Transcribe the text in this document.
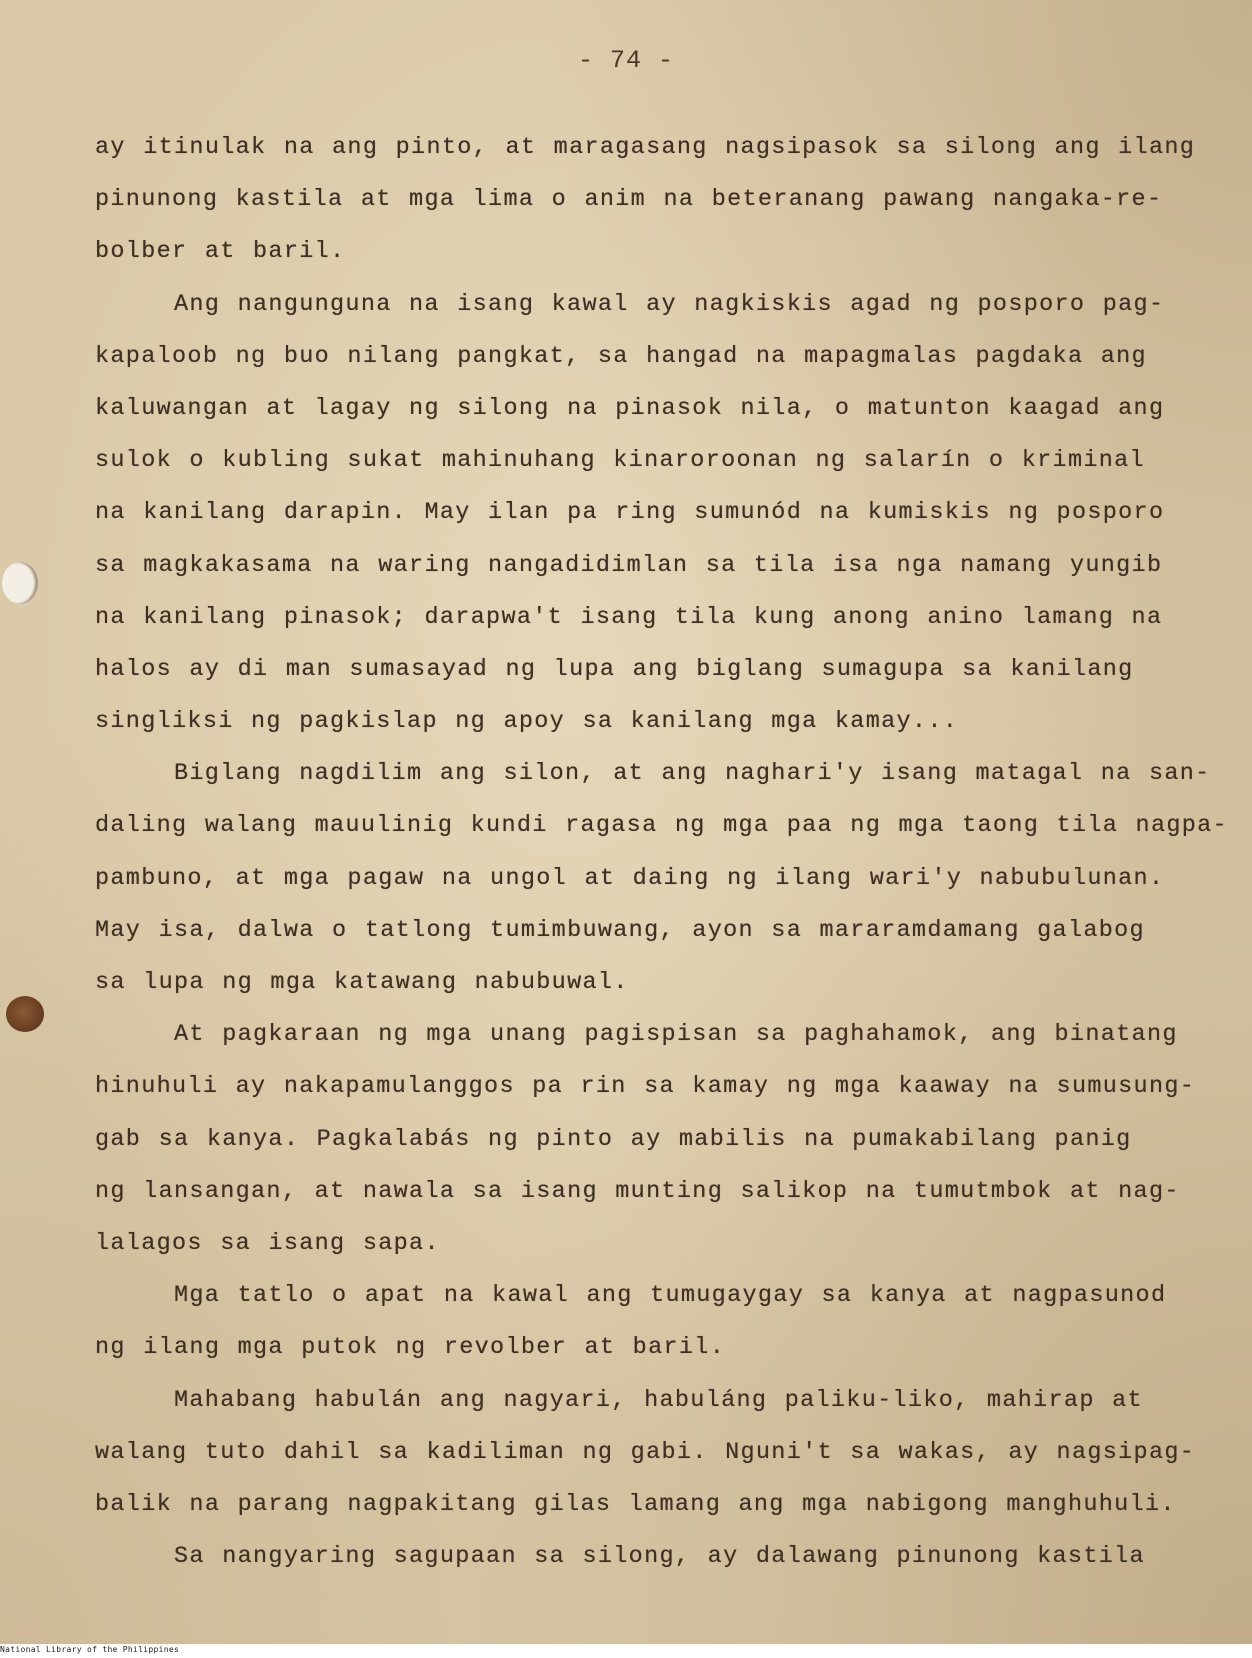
- 74 -
ay itinulak na ang pinto, at maragasang nagsipasok sa silong ang ilang
pinunong kastila at mga lima o anim na beteranang pawang nangaka-re-
bolber at baril.
Ang nangunguna na isang kawal ay nagkiskis agad ng posporo pag-
kapaloob ng buo nilang pangkat, sa hangad na mapagmalas pagdaka ang
kaluwangan at lagay ng silong na pinasok nila, o matunton kaagad ang
sulok o kubling sukat mahinuhang kinaroroonan ng salarín o kriminal
na kanilang darapin. May ilan pa ring sumunód na kumiskis ng posporo
sa magkakasama na waring nangadidimlan sa tila isa nga namang yungib
na kanilang pinasok; darapwa't isang tila kung anong anino lamang na
halos ay di man sumasayad ng lupa ang biglang sumagupa sa kanilang
singliksi ng pagkislap ng apoy sa kanilang mga kamay...
Biglang nagdilim ang silon, at ang naghari'y isang matagal na san-
daling walang mauulinig kundi ragasa ng mga paa ng mga taong tila nagpa-
pambuno, at mga pagaw na ungol at daing ng ilang wari'y nabubulunan.
May isa, dalwa o tatlong tumimbuwang, ayon sa mararamdamang galabog
sa lupa ng mga katawang nabubuwal.
At pagkaraan ng mga unang pagispisan sa paghahamok, ang binatang
hinuhuli ay nakapamulanggos pa rin sa kamay ng mga kaaway na sumusung-
gab sa kanya. Pagkalabás ng pinto ay mabilis na pumakabilang panig
ng lansangan, at nawala sa isang munting salikop na tumutmbok at nag-
lalagos sa isang sapa.
Mga tatlo o apat na kawal ang tumugaygay sa kanya at nagpasunod
ng ilang mga putok ng revolber at baril.
Mahabang habulán ang nagyari, habuláng paliku-liko, mahirap at
walang tuto dahil sa kadiliman ng gabi. Nguni't sa wakas, ay nagsipag-
balik na parang nagpakitang gilas lamang ang mga nabigong manghuhuli.
Sa nangyaring sagupaan sa silong, ay dalawang pinunong kastila
National Library of the Philippines
